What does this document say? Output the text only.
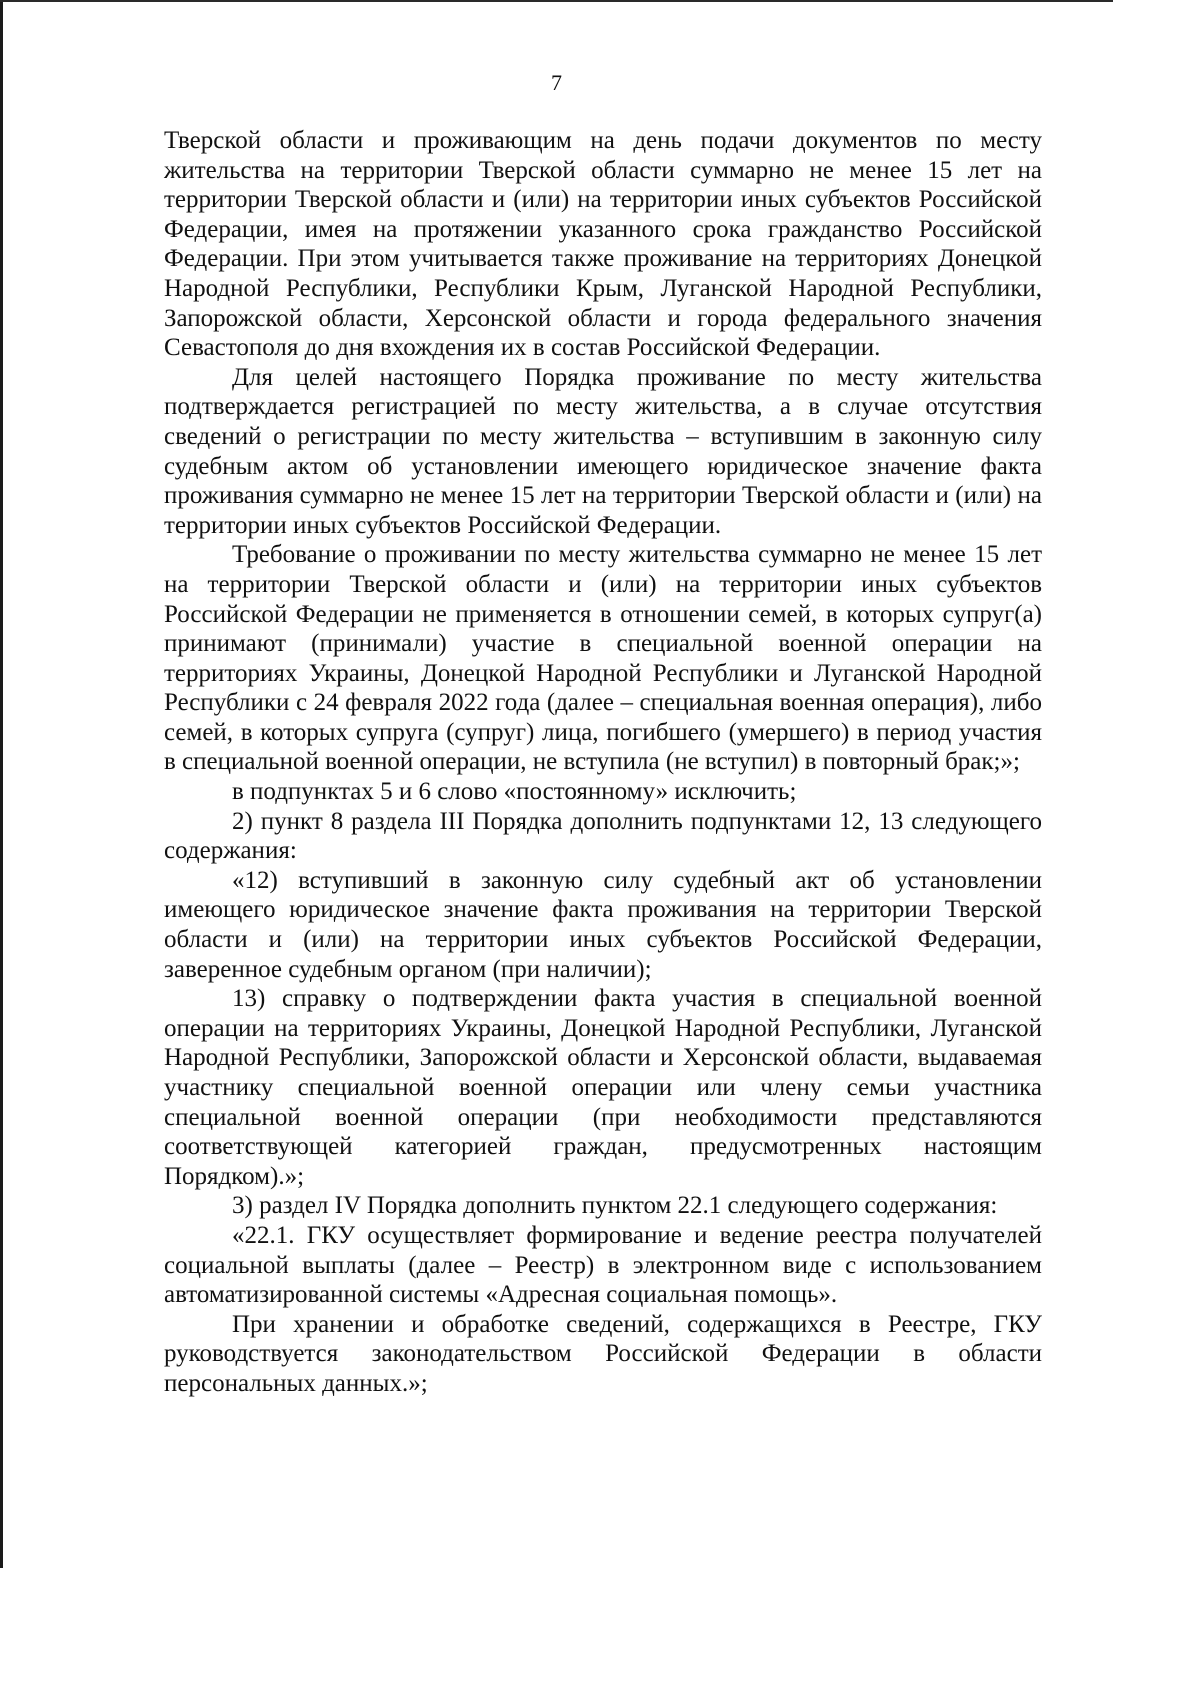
7

Тверской области и проживающим на день подачи документов по месту жительства на территории Тверской области суммарно не менее 15 лет на территории Тверской области и (или) на территории иных субъектов Российской Федерации, имея на протяжении указанного срока гражданство Российской Федерации. При этом учитывается также проживание на территориях Донецкой Народной Республики, Республики Крым, Луганской Народной Республики, Запорожской области, Херсонской области и города федерального значения Севастополя до дня вхождения их в состав Российской Федерации.

Для целей настоящего Порядка проживание по месту жительства подтверждается регистрацией по месту жительства, а в случае отсутствия сведений о регистрации по месту жительства – вступившим в законную силу судебным актом об установлении имеющего юридическое значение факта проживания суммарно не менее 15 лет на территории Тверской области и (или) на территории иных субъектов Российской Федерации.

Требование о проживании по месту жительства суммарно не менее 15 лет на территории Тверской области и (или) на территории иных субъектов Российской Федерации не применяется в отношении семей, в которых супруг(а) принимают (принимали) участие в специальной военной операции на территориях Украины, Донецкой Народной Республики и Луганской Народной Республики с 24 февраля 2022 года (далее – специальная военная операция), либо семей, в которых супруга (супруг) лица, погибшего (умершего) в период участия в специальной военной операции, не вступила (не вступил) в повторный брак;»;

в подпунктах 5 и 6 слово «постоянному» исключить;

2) пункт 8 раздела III Порядка дополнить подпунктами 12, 13 следующего содержания:

«12) вступивший в законную силу судебный акт об установлении имеющего юридическое значение факта проживания на территории Тверской области и (или) на территории иных субъектов Российской Федерации, заверенное судебным органом (при наличии);

13) справку о подтверждении факта участия в специальной военной операции на территориях Украины, Донецкой Народной Республики, Луганской Народной Республики, Запорожской области и Херсонской области, выдаваемая участнику специальной военной операции или члену семьи участника специальной военной операции (при необходимости представляются соответствующей категорией граждан, предусмотренных настоящим Порядком).»;

3) раздел IV Порядка дополнить пунктом 22.1 следующего содержания:

«22.1. ГКУ осуществляет формирование и ведение реестра получателей социальной выплаты (далее – Реестр) в электронном виде с использованием автоматизированной системы «Адресная социальная помощь».

При хранении и обработке сведений, содержащихся в Реестре, ГКУ руководствуется законодательством Российской Федерации в области персональных данных.»;
